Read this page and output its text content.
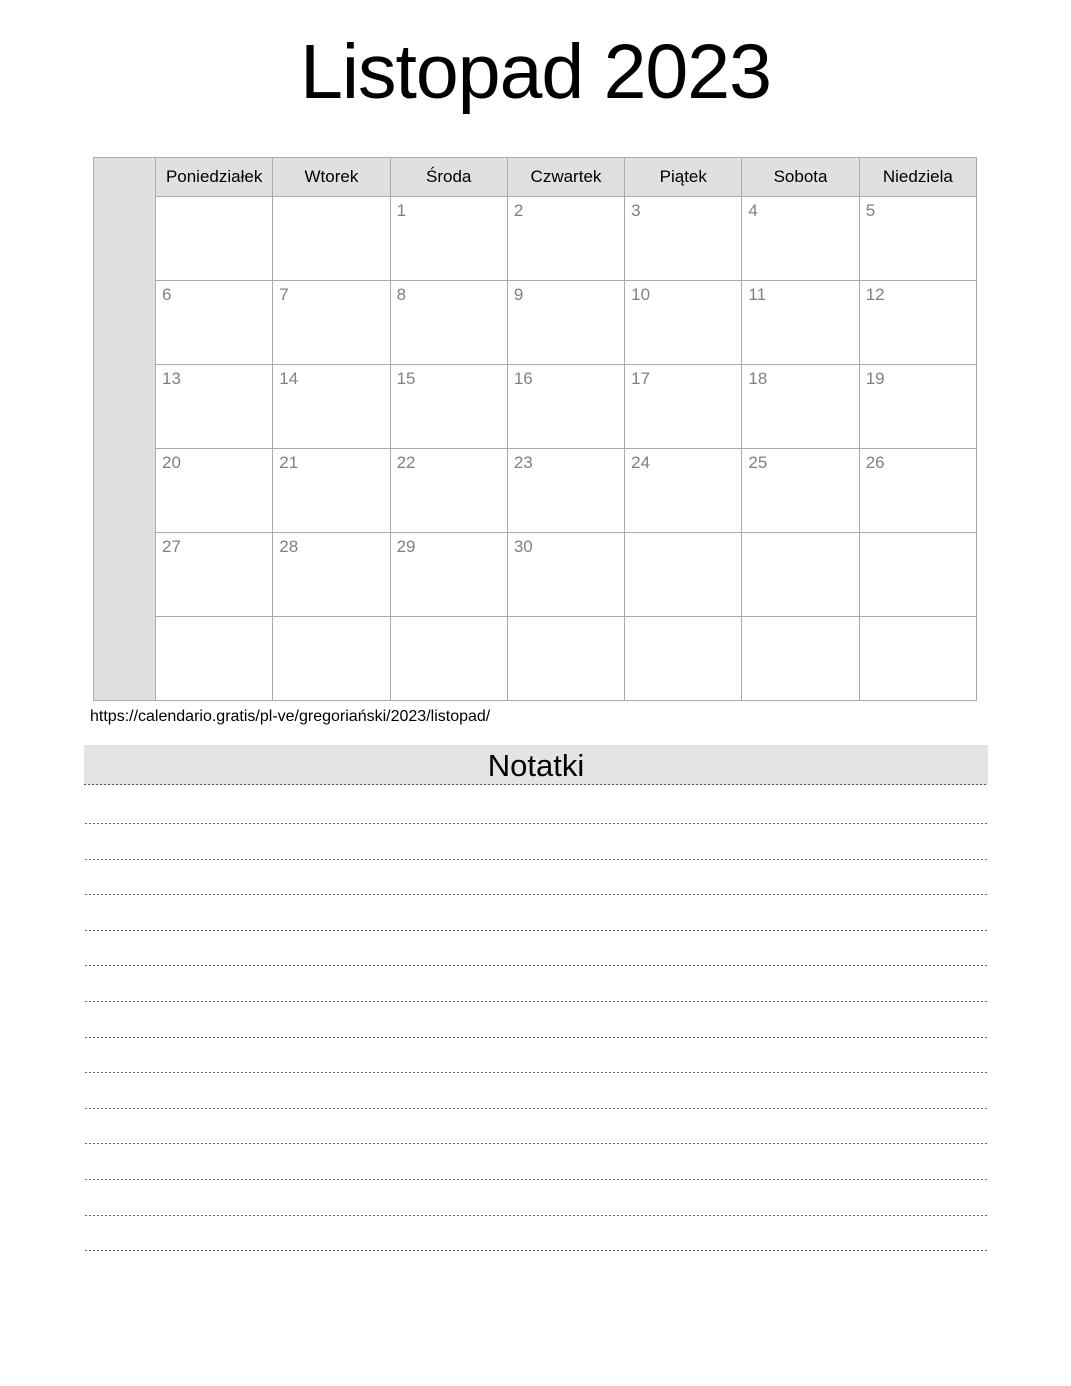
Listopad 2023
	Poniedziałek	Wtorek	Środa	Czwartek	Piątek	Sobota	Niedziela
			1	2	3	4	5
	6	7	8	9	10	11	12
	13	14	15	16	17	18	19
	20	21	22	23	24	25	26
	27	28	29	30			

https://calendario.gratis/pl-ve/gregoriański/2023/listopad/
Notatki
